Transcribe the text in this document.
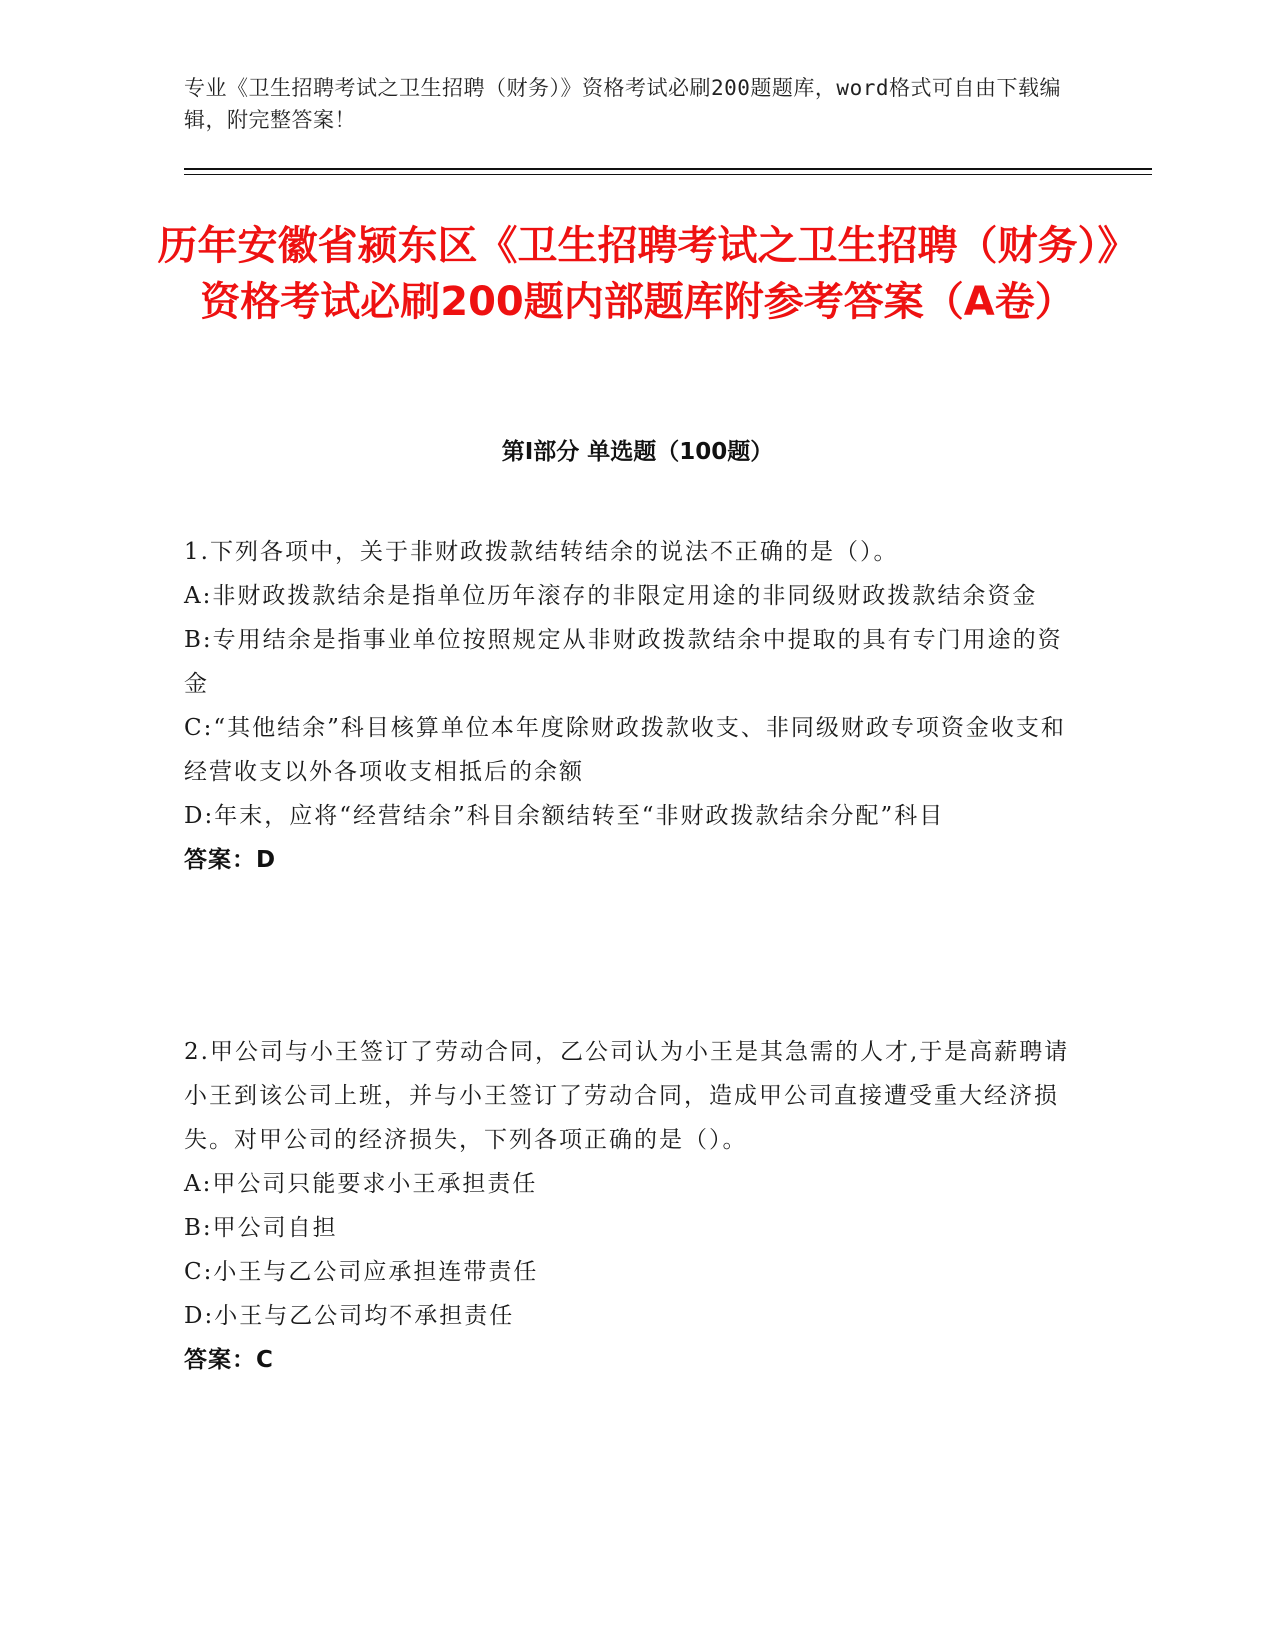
专业《卫生招聘考试之卫生招聘（财务）》资格考试必刷200题题库，word格式可自由下载编辑，附完整答案！
历年安徽省颍东区《卫生招聘考试之卫生招聘（财务）》资格考试必刷200题内部题库附参考答案（A卷）
第I部分 单选题（100题）
1.下列各项中，关于非财政拨款结转结余的说法不正确的是（）。
A:非财政拨款结余是指单位历年滚存的非限定用途的非同级财政拨款结余资金
B:专用结余是指事业单位按照规定从非财政拨款结余中提取的具有专门用途的资金
C:“其他结余”科目核算单位本年度除财政拨款收支、非同级财政专项资金收支和经营收支以外各项收支相抵后的余额
D:年末，应将“经营结余”科目余额结转至“非财政拨款结余分配”科目
答案：D
2.甲公司与小王签订了劳动合同，乙公司认为小王是其急需的人才,于是高薪聘请小王到该公司上班，并与小王签订了劳动合同，造成甲公司直接遭受重大经济损失。对甲公司的经济损失，下列各项正确的是（）。
A:甲公司只能要求小王承担责任
B:甲公司自担
C:小王与乙公司应承担连带责任
D:小王与乙公司均不承担责任
答案：C
